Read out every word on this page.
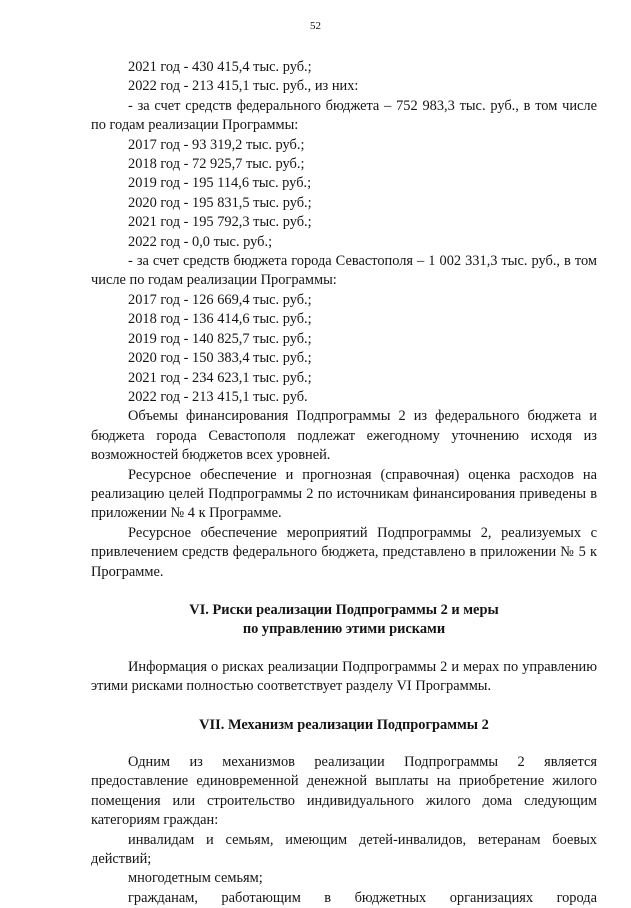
52

2021 год - 430 415,4 тыс. руб.;

2022 год - 213 415,1 тыс. руб., из них:

- за счет средств федерального бюджета – 752 983,3 тыс. руб., в том числе по годам реализации Программы:

2017 год - 93 319,2 тыс. руб.;

2018 год - 72 925,7 тыс. руб.;

2019 год - 195 114,6 тыс. руб.;

2020 год - 195 831,5 тыс. руб.;

2021 год - 195 792,3 тыс. руб.;

2022 год - 0,0 тыс. руб.;

- за счет средств бюджета города Севастополя – 1 002 331,3 тыс. руб., в том числе по годам реализации Программы:

2017 год - 126 669,4 тыс. руб.;

2018 год - 136 414,6 тыс. руб.;

2019 год - 140 825,7 тыс. руб.;

2020 год - 150 383,4 тыс. руб.;

2021 год - 234 623,1 тыс. руб.;

2022 год - 213 415,1 тыс. руб.

Объемы финансирования Подпрограммы 2 из федерального бюджета и бюджета города Севастополя подлежат ежегодному уточнению исходя из возможностей бюджетов всех уровней.

Ресурсное обеспечение и прогнозная (справочная) оценка расходов на реализацию целей Подпрограммы 2 по источникам финансирования приведены в приложении № 4 к Программе.

Ресурсное обеспечение мероприятий Подпрограммы 2, реализуемых с привлечением средств федерального бюджета, представлено в приложении № 5 к Программе.

VI. Риски реализации Подпрограммы 2 и меры

по управлению этими рисками

Информация о рисках реализации Подпрограммы 2 и мерах по управлению этими рисками полностью соответствует разделу VI Программы.

VII. Механизм реализации Подпрограммы 2

Одним из механизмов реализации Подпрограммы 2 является предоставление единовременной денежной выплаты на приобретение жилого помещения или строительство индивидуального жилого дома следующим категориям граждан:

инвалидам и семьям, имеющим детей-инвалидов, ветеранам боевых действий;

многодетным семьям;

гражданам, работающим в бюджетных организациях города
